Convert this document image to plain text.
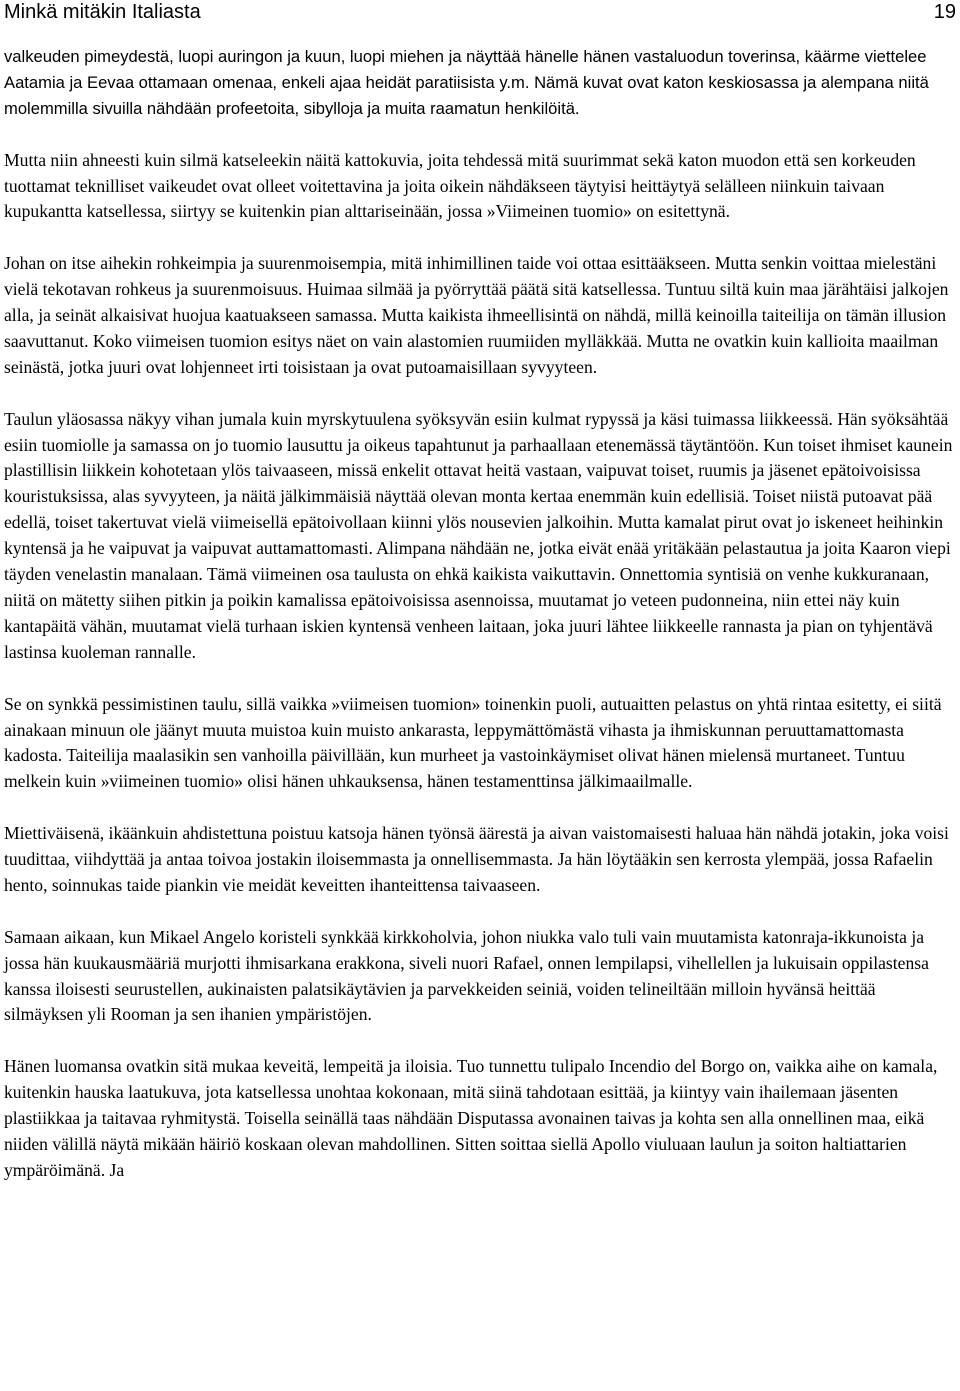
Minkä mitäkin Italiasta	19

valkeuden pimeydestä, luopi auringon ja kuun, luopi miehen ja näyttää hänelle hänen vastaluodun toverinsa, käärme viettelee Aatamia ja Eevaa ottamaan omenaa, enkeli ajaa heidät paratiisista y.m. Nämä kuvat ovat katon keskiosassa ja alempana niitä molemmilla sivuilla nähdään profeetoita, sibylloja ja muita raamatun henkilöitä.

Mutta niin ahneesti kuin silmä katseleekin näitä kattokuvia, joita tehdessä mitä suurimmat sekä katon muodon että sen korkeuden tuottamat teknilliset vaikeudet ovat olleet voitettavina ja joita oikein nähdäkseen täytyisi heittäytyä selälleen niinkuin taivaan kupukantta katsellessa, siirtyy se kuitenkin pian alttariseinään, jossa »Viimeinen tuomio» on esitettynä.

Johan on itse aihekin rohkeimpia ja suurenmoisempia, mitä inhimillinen taide voi ottaa esittääkseen. Mutta senkin voittaa mielestäni vielä tekotavan rohkeus ja suurenmoisuus. Huimaa silmää ja pyörryttää päätä sitä katsellessa. Tuntuu siltä kuin maa järähtäisi jalkojen alla, ja seinät alkaisivat huojua kaatuakseen samassa. Mutta kaikista ihmeellisintä on nähdä, millä keinoilla taiteilija on tämän illusion saavuttanut. Koko viimeisen tuomion esitys näet on vain alastomien ruumiiden mylläkkää. Mutta ne ovatkin kuin kallioita maailman seinästä, jotka juuri ovat lohjenneet irti toisistaan ja ovat putoamaisillaan syvyyteen.

Taulun yläosassa näkyy vihan jumala kuin myrskytuulena syöksyvän esiin kulmat rypyssä ja käsi tuimassa liikkeessä. Hän syöksähtää esiin tuomiolle ja samassa on jo tuomio lausuttu ja oikeus tapahtunut ja parhaallaan etenemässä täytäntöön. Kun toiset ihmiset kaunein plastillisin liikkein kohotetaan ylös taivaaseen, missä enkelit ottavat heitä vastaan, vaipuvat toiset, ruumis ja jäsenet epätoivoisissa kouristuksissa, alas syvyyteen, ja näitä jälkimmäisiä näyttää olevan monta kertaa enemmän kuin edellisiä. Toiset niistä putoavat pää edellä, toiset takertuvat vielä viimeisellä epätoivollaan kiinni ylös nousevien jalkoihin. Mutta kamalat pirut ovat jo iskeneet heihinkin kyntensä ja he vaipuvat ja vaipuvat auttamattomasti. Alimpana nähdään ne, jotka eivät enää yritäkään pelastautua ja joita Kaaron viepi täyden venelastin manalaan. Tämä viimeinen osa taulusta on ehkä kaikista vaikuttavin. Onnettomia syntisiä on venhe kukkuranaan, niitä on mätetty siihen pitkin ja poikin kamalissa epätoivoisissa asennoissa, muutamat jo veteen pudonneina, niin ettei näy kuin kantapäitä vähän, muutamat vielä turhaan iskien kyntensä venheen laitaan, joka juuri lähtee liikkeelle rannasta ja pian on tyhjentävä lastinsa kuoleman rannalle.

Se on synkkä pessimistinen taulu, sillä vaikka »viimeisen tuomion» toinenkin puoli, autuaitten pelastus on yhtä rintaa esitetty, ei siitä ainakaan minuun ole jäänyt muuta muistoa kuin muisto ankarasta, leppymättömästä vihasta ja ihmiskunnan peruuttamattomasta kadosta. Taiteilija maalasikin sen vanhoilla päivillään, kun murheet ja vastoinkäymiset olivat hänen mielensä murtaneet. Tuntuu melkein kuin »viimeinen tuomio» olisi hänen uhkauksensa, hänen testamenttinsa jälkimaailmalle.

Miettiväisenä, ikäänkuin ahdistettuna poistuu katsoja hänen työnsä äärestä ja aivan vaistomaisesti haluaa hän nähdä jotakin, joka voisi tuudittaa, viihdyttää ja antaa toivoa jostakin iloisemmasta ja onnellisemmasta. Ja hän löytääkin sen kerrosta ylempää, jossa Rafaelin hento, soinnukas taide piankin vie meidät keveitten ihanteittensa taivaaseen.

Samaan aikaan, kun Mikael Angelo koristeli synkkää kirkkoholvia, johon niukka valo tuli vain muutamista katonraja-ikkunoista ja jossa hän kuukausmääriä murjotti ihmisarkana erakkona, siveli nuori Rafael, onnen lempilapsi, vihellellen ja lukuisain oppilastensa kanssa iloisesti seurustellen, aukinaisten palatsikäytävien ja parvekkeiden seiniä, voiden telineiltään milloin hyvänsä heittää silmäyksen yli Rooman ja sen ihanien ympäristöjen.

Hänen luomansa ovatkin sitä mukaa keveitä, lempeitä ja iloisia. Tuo tunnettu tulipalo Incendio del Borgo on, vaikka aihe on kamala, kuitenkin hauska laatukuva, jota katsellessa unohtaa kokonaan, mitä siinä tahdotaan esittää, ja kiintyy vain ihailemaan jäsenten plastiikkaa ja taitavaa ryhmitystä. Toisella seinällä taas nähdään Disputassa avonainen taivas ja kohta sen alla onnellinen maa, eikä niiden välillä näytä mikään häiriö koskaan olevan mahdollinen. Sitten soittaa siellä Apollo viuluaan laulun ja soiton haltiattarien ympäröimänä. Ja
